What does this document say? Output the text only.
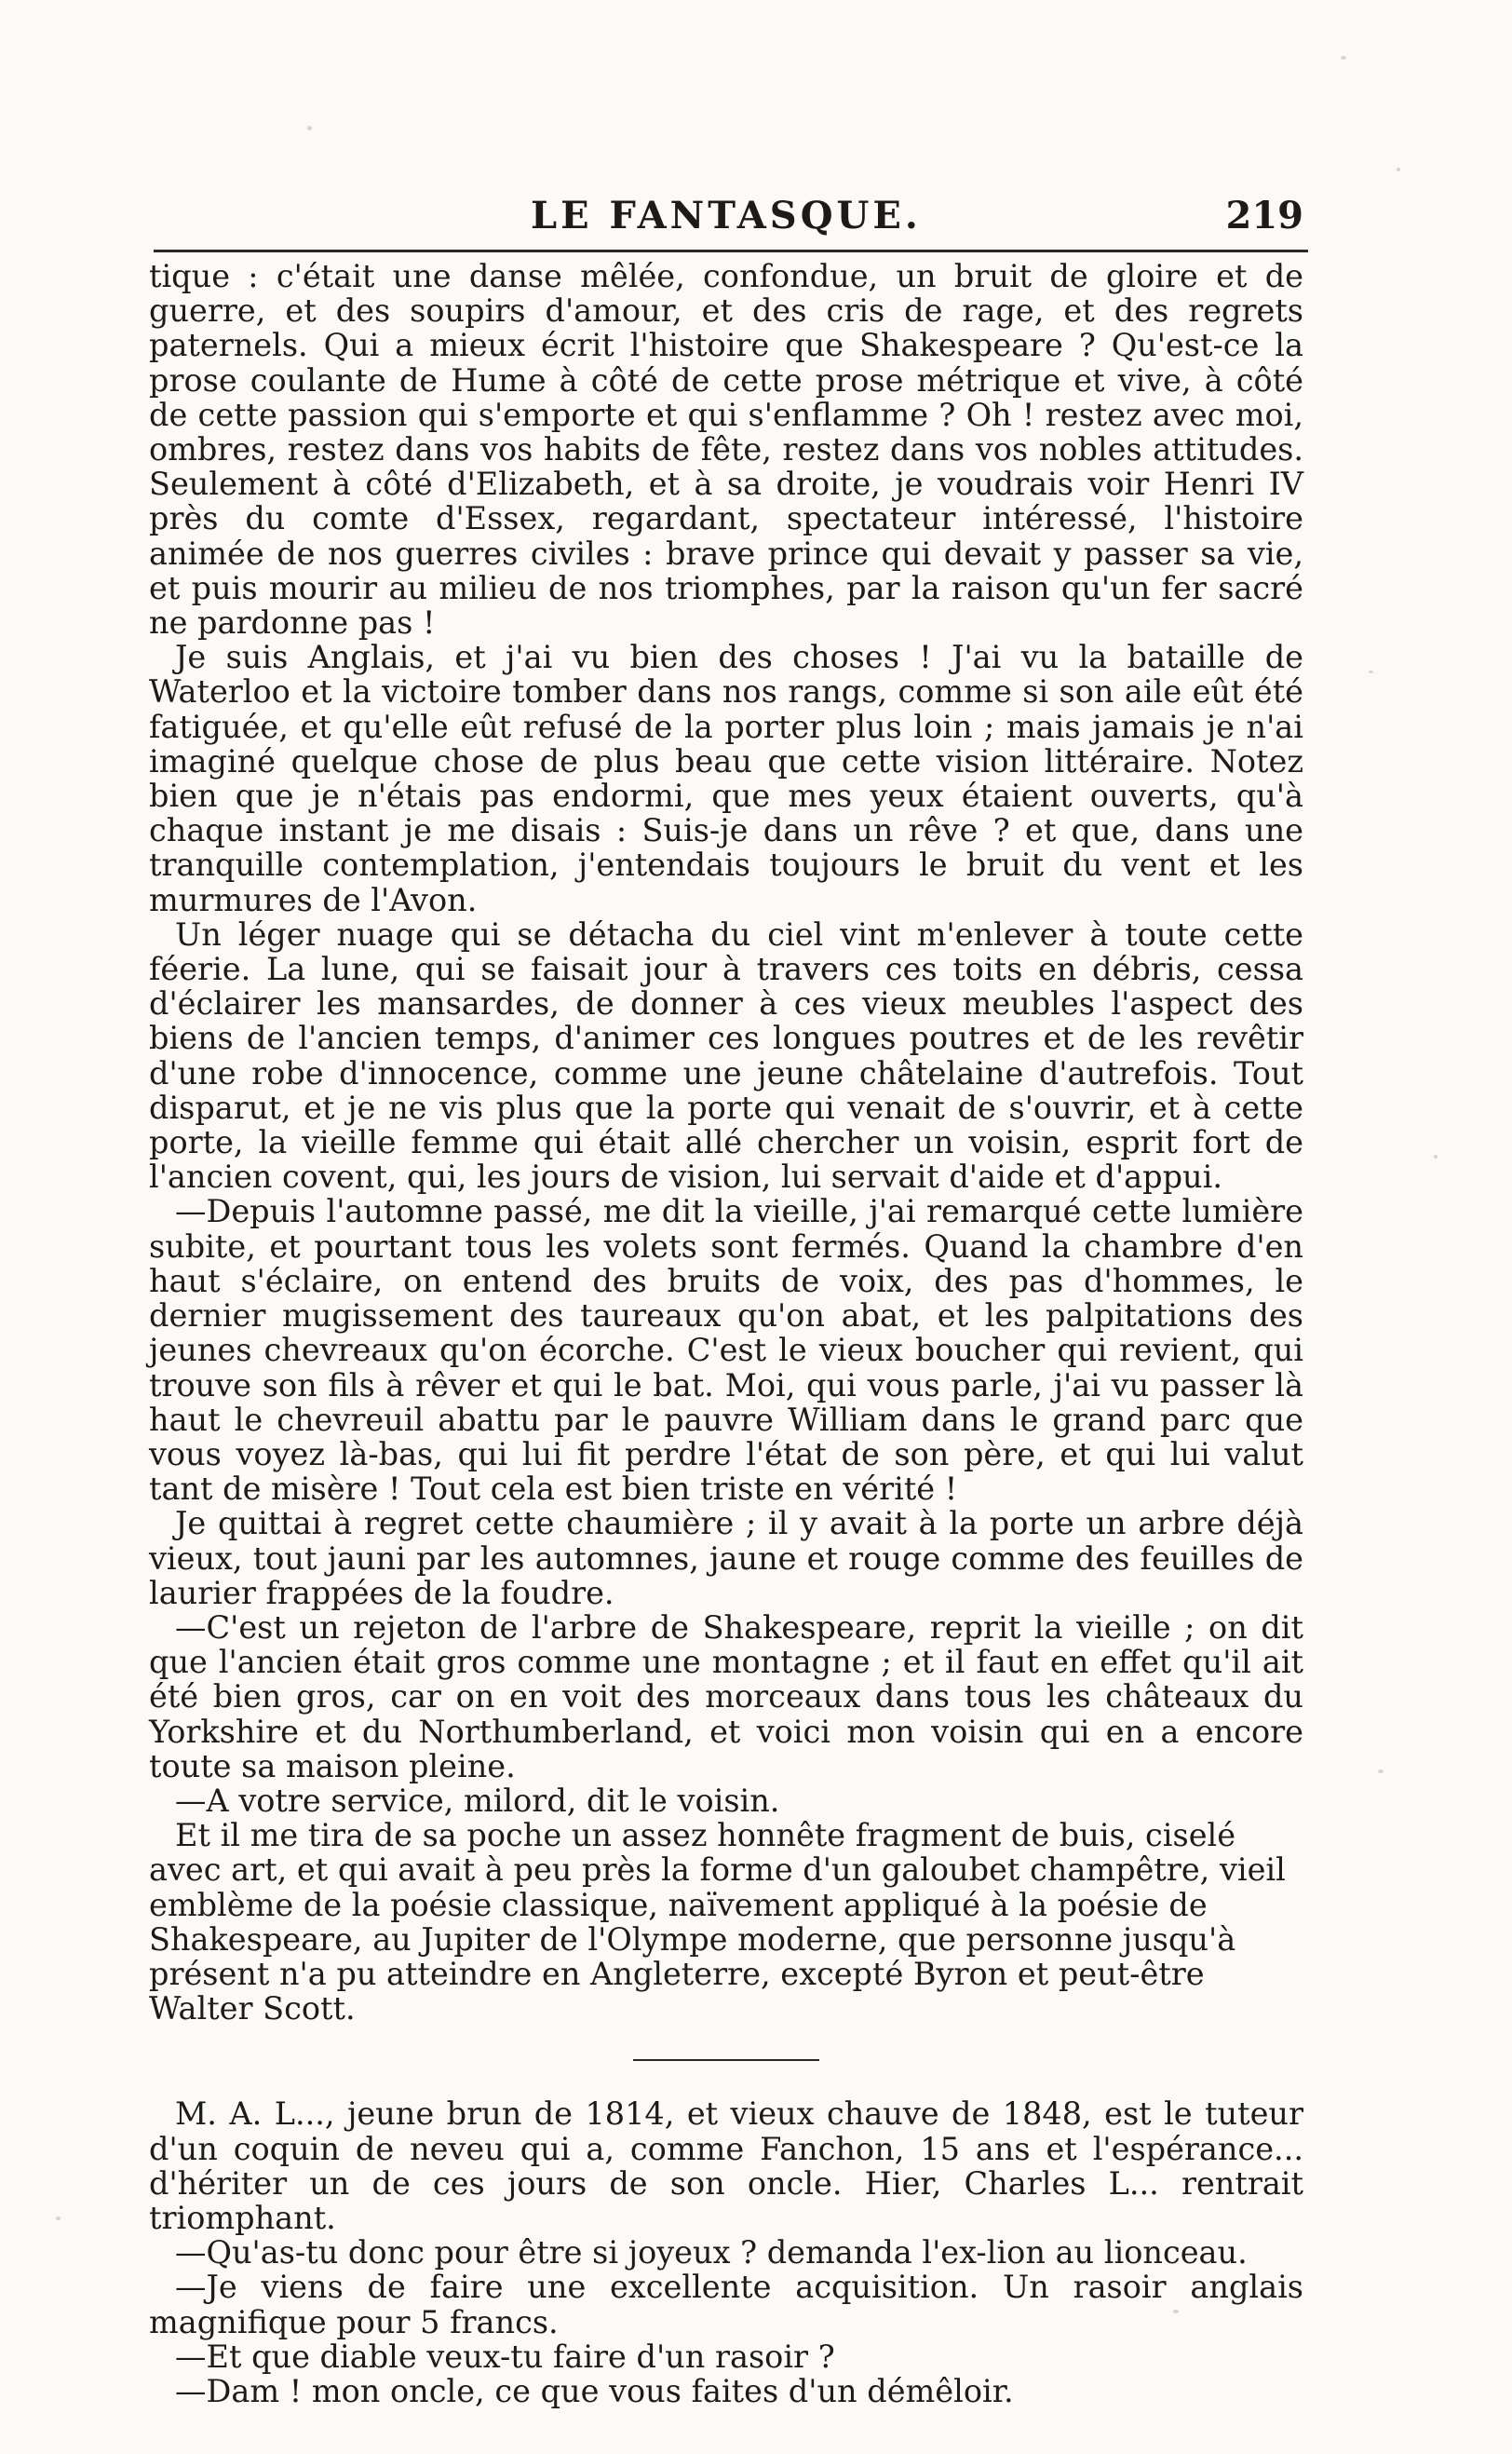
LE FANTASQUE.	219

tique : c'était une danse mêlée, confondue, un bruit de gloire et de guerre, et des soupirs d'amour, et des cris de rage, et des regrets paternels. Qui a mieux écrit l'histoire que Shakespeare ? Qu'est-ce la prose coulante de Hume à côté de cette prose métrique et vive, à côté de cette passion qui s'emporte et qui s'enflamme ? Oh ! restez avec moi, ombres, restez dans vos habits de fête, restez dans vos nobles attitudes. Seulement à côté d'Elizabeth, et à sa droite, je voudrais voir Henri IV près du comte d'Essex, regardant, spectateur intéressé, l'histoire animée de nos guerres civiles : brave prince qui devait y passer sa vie, et puis mourir au milieu de nos triomphes, par la raison qu'un fer sacré ne pardonne pas !

Je suis Anglais, et j'ai vu bien des choses ! J'ai vu la bataille de Waterloo et la victoire tomber dans nos rangs, comme si son aile eût été fatiguée, et qu'elle eût refusé de la porter plus loin ; mais jamais je n'ai imaginé quelque chose de plus beau que cette vision littéraire. Notez bien que je n'étais pas endormi, que mes yeux étaient ouverts, qu'à chaque instant je me disais : Suis-je dans un rêve ? et que, dans une tranquille contemplation, j'entendais toujours le bruit du vent et les murmures de l'Avon.

Un léger nuage qui se détacha du ciel vint m'enlever à toute cette féerie. La lune, qui se faisait jour à travers ces toits en débris, cessa d'éclairer les mansardes, de donner à ces vieux meubles l'aspect des biens de l'ancien temps, d'animer ces longues poutres et de les revêtir d'une robe d'innocence, comme une jeune châtelaine d'autrefois. Tout disparut, et je ne vis plus que la porte qui venait de s'ouvrir, et à cette porte, la vieille femme qui était allé chercher un voisin, esprit fort de l'ancien covent, qui, les jours de vision, lui servait d'aide et d'appui.

—Depuis l'automne passé, me dit la vieille, j'ai remarqué cette lumière subite, et pourtant tous les volets sont fermés. Quand la chambre d'en haut s'éclaire, on entend des bruits de voix, des pas d'hommes, le dernier mugissement des taureaux qu'on abat, et les palpitations des jeunes chevreaux qu'on écorche. C'est le vieux boucher qui revient, qui trouve son fils à rêver et qui le bat. Moi, qui vous parle, j'ai vu passer là haut le chevreuil abattu par le pauvre William dans le grand parc que vous voyez là-bas, qui lui fit perdre l'état de son père, et qui lui valut tant de misère ! Tout cela est bien triste en vérité !

Je quittai à regret cette chaumière ; il y avait à la porte un arbre déjà vieux, tout jauni par les automnes, jaune et rouge comme des feuilles de laurier frappées de la foudre.

—C'est un rejeton de l'arbre de Shakespeare, reprit la vieille ; on dit que l'ancien était gros comme une montagne ; et il faut en effet qu'il ait été bien gros, car on en voit des morceaux dans tous les châteaux du Yorkshire et du Northumberland, et voici mon voisin qui en a encore toute sa maison pleine.

—A votre service, milord, dit le voisin.

Et il me tira de sa poche un assez honnête fragment de buis, ciselé avec art, et qui avait à peu près la forme d'un galoubet champêtre, vieil emblème de la poésie classique, naïvement appliqué à la poésie de Shakespeare, au Jupiter de l'Olympe moderne, que personne jusqu'à présent n'a pu atteindre en Angleterre, excepté Byron et peut-être Walter Scott.

M. A. L..., jeune brun de 1814, et vieux chauve de 1848, est le tuteur d'un coquin de neveu qui a, comme Fanchon, 15 ans et l'espérance... d'hériter un de ces jours de son oncle. Hier, Charles L... rentrait triomphant.

—Qu'as-tu donc pour être si joyeux ? demanda l'ex-lion au lionceau.

—Je viens de faire une excellente acquisition. Un rasoir anglais magnifique pour 5 francs.

—Et que diable veux-tu faire d'un rasoir ?

—Dam ! mon oncle, ce que vous faites d'un démêloir.
